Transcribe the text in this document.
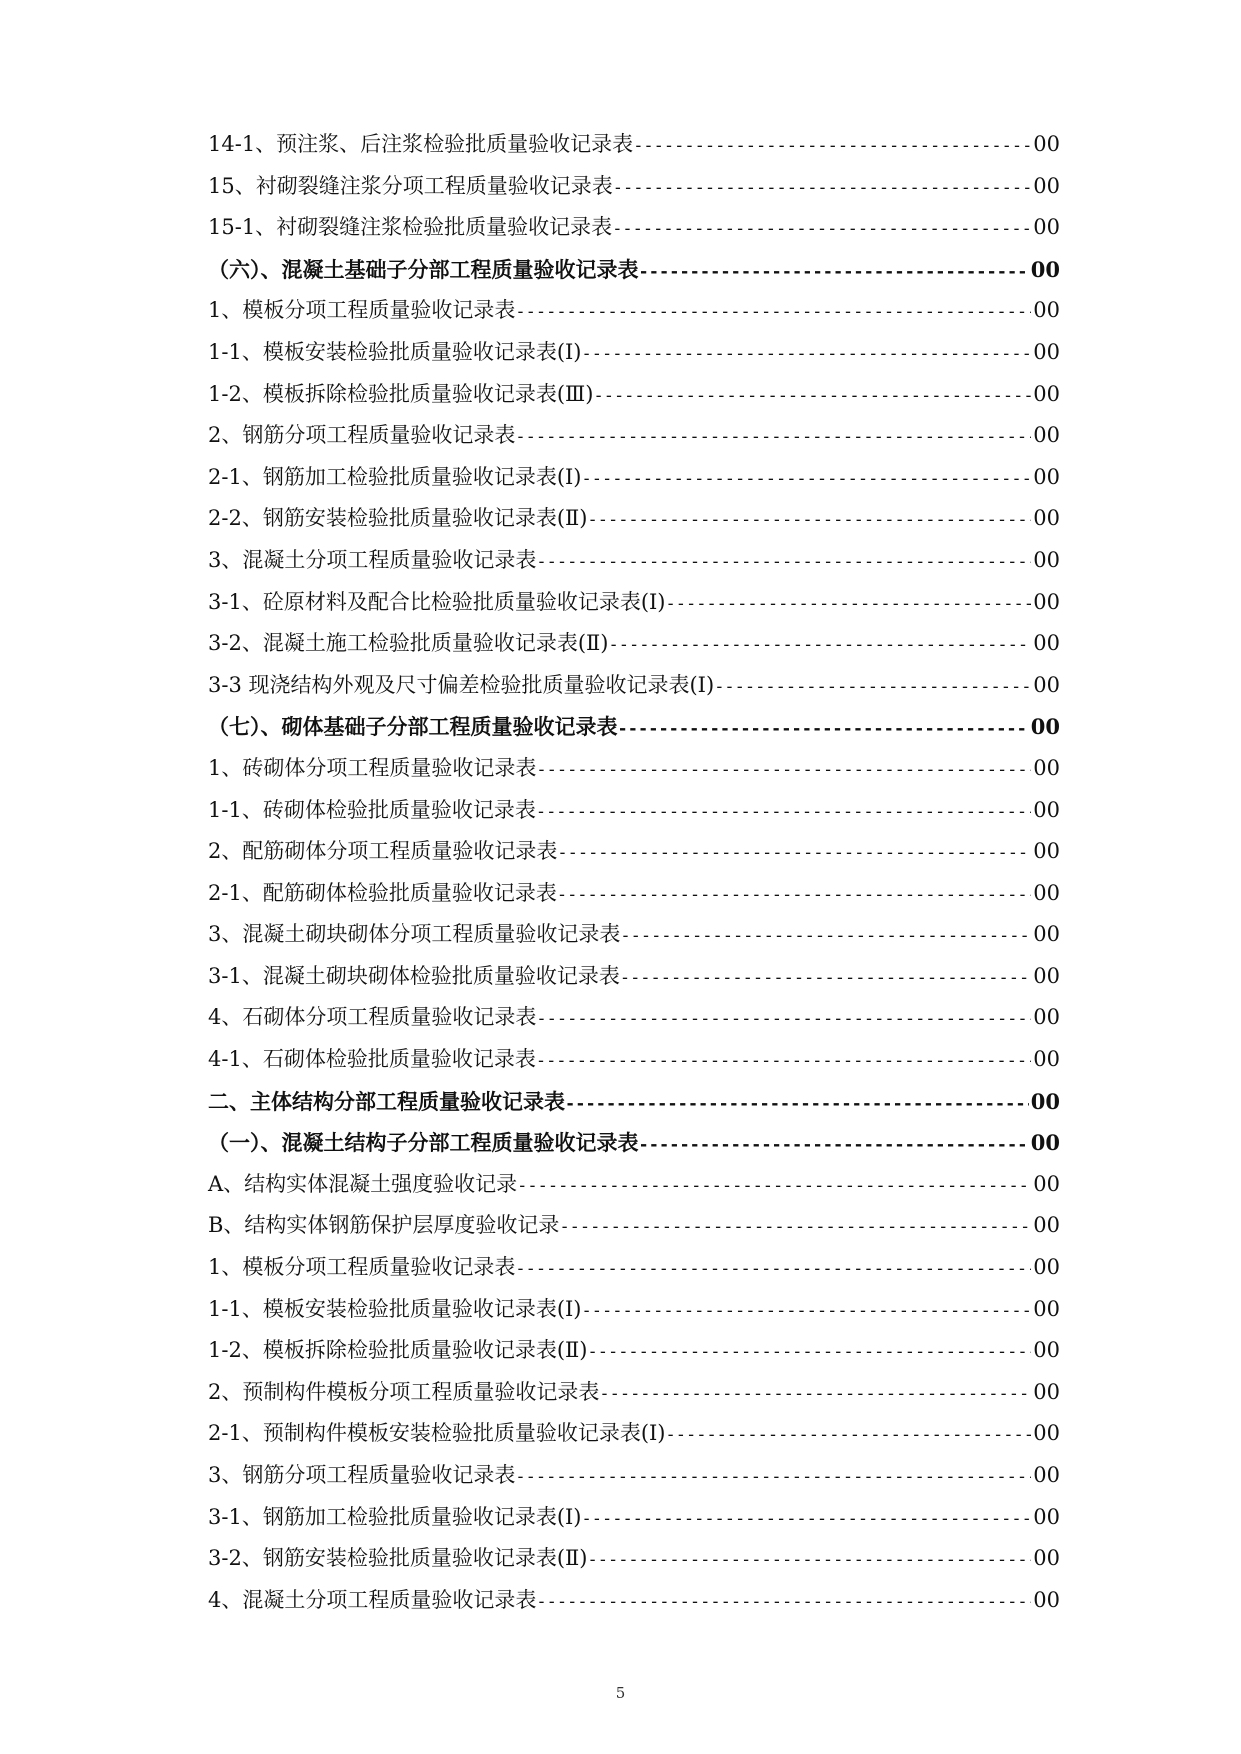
14-1、预注浆、后注浆检验批质量验收记录表 -----	00
15、衬砌裂缝注浆分项工程质量验收记录表 -----	00
15-1、衬砌裂缝注浆检验批质量验收记录表 -----	00
（六）、混凝土基础子分部工程质量验收记录表 -----	00
1、模板分项工程质量验收记录表 -----	00
1-1、模板安装检验批质量验收记录表(Ⅰ) -----	00
1-2、模板拆除检验批质量验收记录表(Ⅲ) -----	00
2、钢筋分项工程质量验收记录表 -----	00
2-1、钢筋加工检验批质量验收记录表(Ⅰ) -----	00
2-2、钢筋安装检验批质量验收记录表(Ⅱ) -----	00
3、混凝土分项工程质量验收记录表 -----	00
3-1、砼原材料及配合比检验批质量验收记录表(Ⅰ) -----	00
3-2、混凝土施工检验批质量验收记录表(Ⅱ) -----	00
3-3 现浇结构外观及尺寸偏差检验批质量验收记录表(Ⅰ) -----	00
（七）、砌体基础子分部工程质量验收记录表 -----	00
1、砖砌体分项工程质量验收记录表 -----	00
1-1、砖砌体检验批质量验收记录表 -----	00
2、配筋砌体分项工程质量验收记录表 -----	00
2-1、配筋砌体检验批质量验收记录表 -----	00
3、混凝土砌块砌体分项工程质量验收记录表 -----	00
3-1、混凝土砌块砌体检验批质量验收记录表 -----	00
4、石砌体分项工程质量验收记录表 -----	00
4-1、石砌体检验批质量验收记录表 -----	00
二、主体结构分部工程质量验收记录表 -----	00
（一）、混凝土结构子分部工程质量验收记录表 -----	00
A、结构实体混凝土强度验收记录 -----	00
B、结构实体钢筋保护层厚度验收记录 -----	00
1、模板分项工程质量验收记录表 -----	00
1-1、模板安装检验批质量验收记录表(Ⅰ) -----	00
1-2、模板拆除检验批质量验收记录表(Ⅱ) -----	00
2、预制构件模板分项工程质量验收记录表 -----	00
2-1、预制构件模板安装检验批质量验收记录表(Ⅰ) -----	00
3、钢筋分项工程质量验收记录表 -----	00
3-1、钢筋加工检验批质量验收记录表(Ⅰ) -----	00
3-2、钢筋安装检验批质量验收记录表(Ⅱ) -----	00
4、混凝土分项工程质量验收记录表 -----	00
5
